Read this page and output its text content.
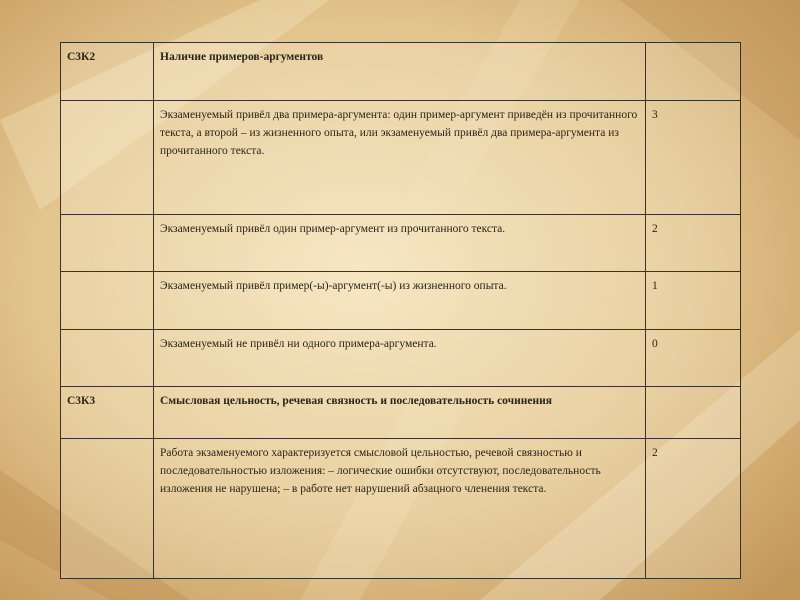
С3К2	Наличие примеров-аргументов	
	Экзаменуемый привёл два примера-аргумента: один пример-аргумент приведён из прочитанного текста, а второй – из жизненного опыта, или экзаменуемый привёл два примера-аргумента из прочитанного текста.	3
	Экзаменуемый привёл один пример-аргумент из прочитанного текста.	2
	Экзаменуемый привёл пример(-ы)-аргумент(-ы) из жизненного опыта.	1
	Экзаменуемый не привёл ни одного примера-аргумента.	0
С3К3	Смысловая цельность, речевая связность и последовательность сочинения	
	Работа экзаменуемого характеризуется смысловой цельностью, речевой связностью и последовательностью изложения: – логические ошибки отсутствуют, последовательность изложения не нарушена; – в работе нет нарушений абзацного членения текста.	2
